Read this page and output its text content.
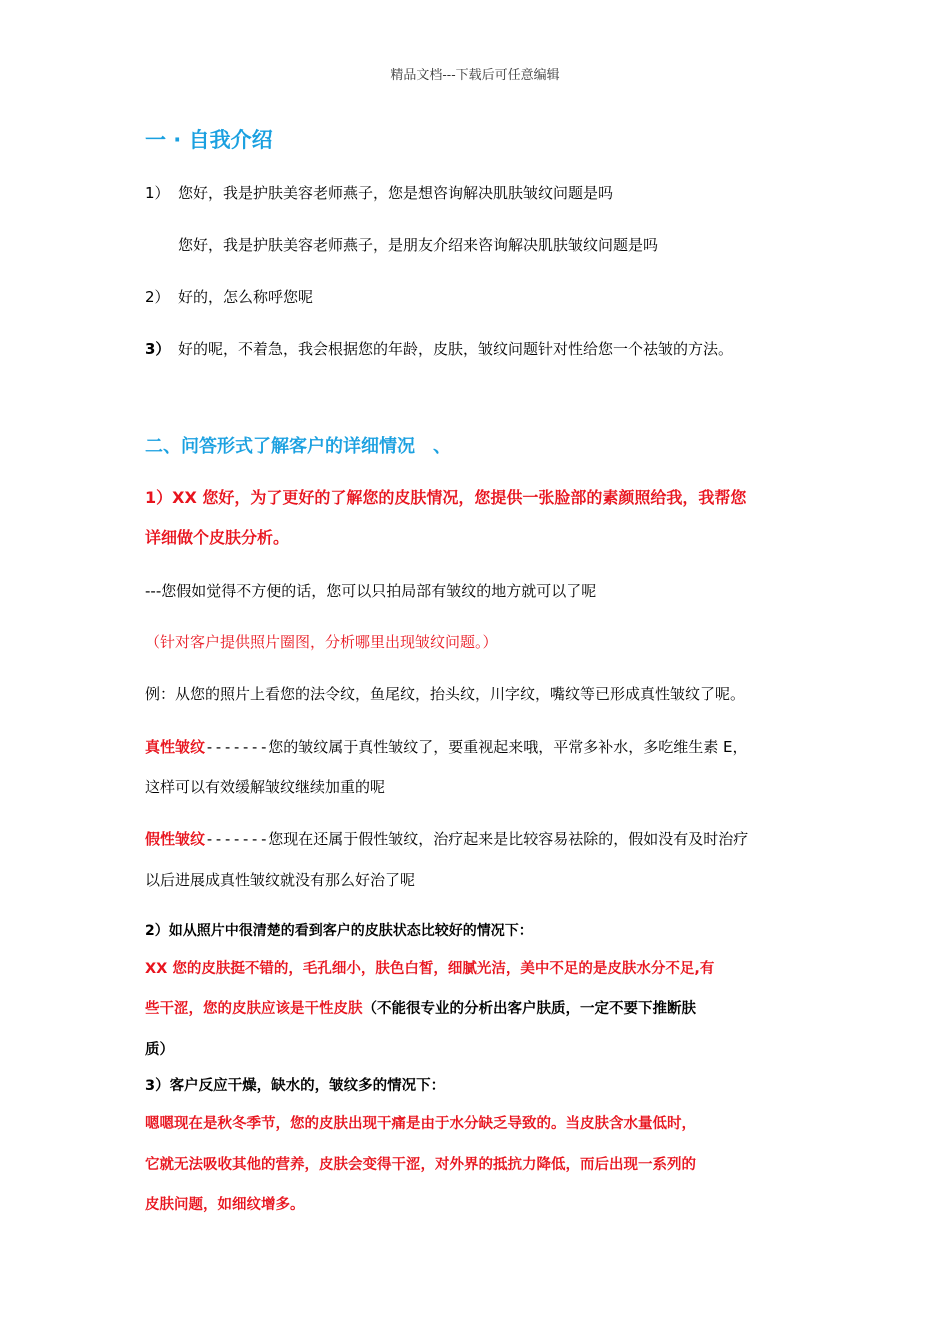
精品文档---下载后可任意编辑
一 · 自我介绍
1） 您好，我是护肤美容老师燕子，您是想咨询解决肌肤皱纹问题是吗
您好，我是护肤美容老师燕子，是朋友介绍来咨询解决肌肤皱纹问题是吗
2） 好的，怎么称呼您呢
3） 好的呢，不着急，我会根据您的年龄，皮肤，皱纹问题针对性给您一个祛皱的方法。
二、问答形式了解客户的详细情况　、
1）XX 您好，为了更好的了解您的皮肤情况，您提供一张脸部的素颜照给我，我帮您
详细做个皮肤分析。
---您假如觉得不方便的话，您可以只拍局部有皱纹的地方就可以了呢
（针对客户提供照片圈图，分析哪里出现皱纹问题。）
例：从您的照片上看您的法令纹，鱼尾纹，抬头纹，川字纹，嘴纹等已形成真性皱纹了呢。
真性皱纹-------您的皱纹属于真性皱纹了，要重视起来哦，平常多补水，多吃维生素 E，
这样可以有效缓解皱纹继续加重的呢
假性皱纹-------您现在还属于假性皱纹，治疗起来是比较容易祛除的，假如没有及时治疗
以后进展成真性皱纹就没有那么好治了呢
2）如从照片中很清楚的看到客户的皮肤状态比较好的情况下：
XX 您的皮肤挺不错的，毛孔细小，肤色白皙，细腻光洁，美中不足的是皮肤水分不足,有
些干涩，您的皮肤应该是干性皮肤（不能很专业的分析出客户肤质，一定不要下推断肤
质）
3）客户反应干燥，缺水的，皱纹多的情况下：
嗯嗯现在是秋冬季节，您的皮肤出现干痛是由于水分缺乏导致的。当皮肤含水量低时，
它就无法吸收其他的营养，皮肤会变得干涩，对外界的抵抗力降低，而后出现一系列的
皮肤问题，如细纹增多。
